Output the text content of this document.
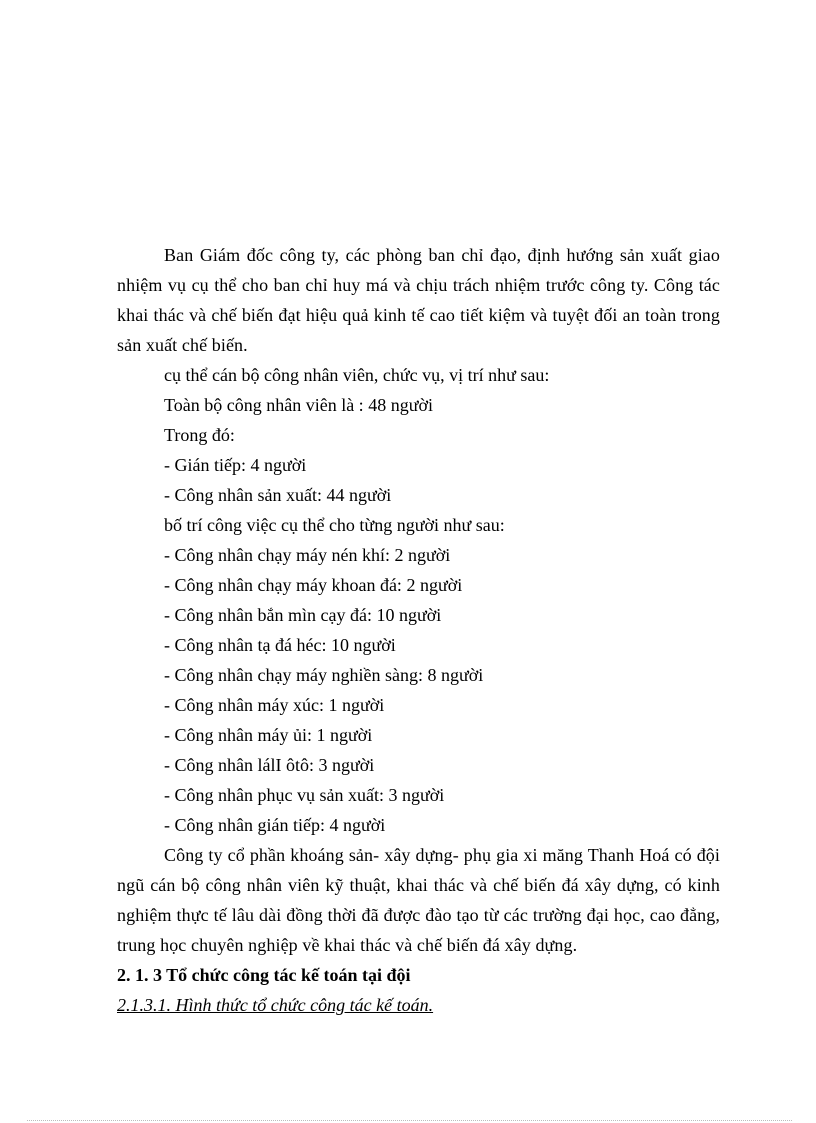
Ban Giám đốc công ty, các phòng ban chỉ đạo, định hướng sản xuất giao nhiệm vụ cụ thể cho ban chỉ huy má và chịu trách nhiệm trước công ty. Công tác khai thác và chế biến đạt hiệu quả kinh tế cao tiết kiệm và tuyệt đối an toàn trong sản xuất chế biến.

cụ thể cán bộ công nhân viên, chức vụ, vị trí như sau:

Toàn bộ công nhân viên là : 48 người

Trong đó:

- Gián tiếp: 4 người

- Công nhân sản xuất: 44 người

bố trí công việc cụ thể cho từng người như sau:

- Công nhân chạy máy nén khí: 2 người

- Công nhân chạy máy khoan đá: 2 người

- Công nhân bắn mìn cạy đá: 10 người

- Công nhân tạ đá héc: 10 người

- Công nhân chạy máy nghiền sàng: 8 người

- Công nhân máy xúc: 1 người

- Công nhân máy ủi: 1 người

- Công nhân lálI ôtô: 3 người

- Công nhân phục vụ sản xuất: 3 người

- Công nhân gián tiếp: 4 người

Công ty cổ phần khoáng sản- xây dựng- phụ gia xi măng Thanh Hoá có đội ngũ cán bộ công nhân viên kỹ thuật, khai thác và chế biến đá xây dựng, có kinh nghiệm thực tế lâu dài đồng thời đã được đào tạo từ các trường đại học, cao đẳng, trung học chuyên nghiệp về khai thác và chế biến đá xây dựng.

2. 1. 3 Tổ chức công tác kế toán tại đội

2.1.3.1. Hình thức tổ chức công tác kế toán.
